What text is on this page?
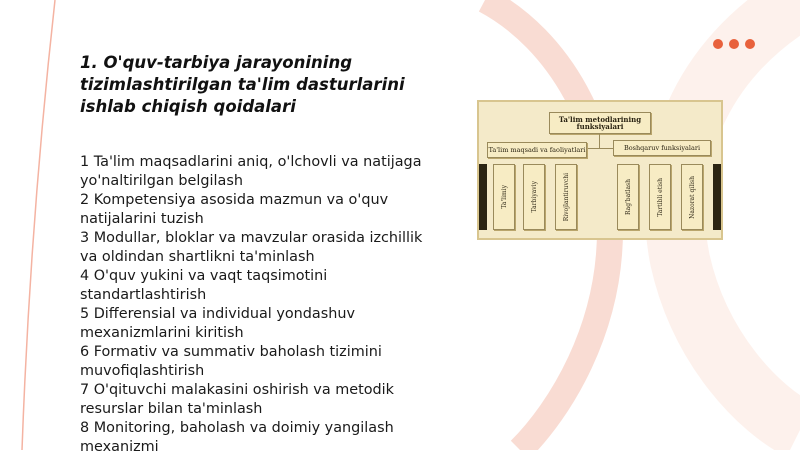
1. O'quv-tarbiya jarayonining tizimlashtirilgan ta'lim dasturlarini ishlab chiqish qoidalari
1 Ta'lim maqsadlarini aniq, o'lchovli va natijaga yo'naltirilgan belgilash
2 Kompetensiya asosida mazmun va o'quv natijalarini tuzish
3 Modullar, bloklar va mavzular orasida izchillik va oldindan shartlikni ta'minlash
4 O'quv yukini va vaqt taqsimotini standartlashtirish
5 Differensial va individual yondashuv mexanizmlarini kiritish
6 Formativ va summativ baholash tizimini muvofiqlashtirish
7 O'qituvchi malakasini oshirish va metodik resurslar bilan ta'minlash
8 Monitoring, baholash va doimiy yangilash mexanizmi
Ta'lim metodlarining funksiyalari
Ta'lim maqsadi va faoliyatlari	Boshqaruv funksiyalari
Ta'limiy	Tarbiyaviy	Rivojlantiruvchi	Rag'batlash	Tartibli etish	Nazorat qilish
